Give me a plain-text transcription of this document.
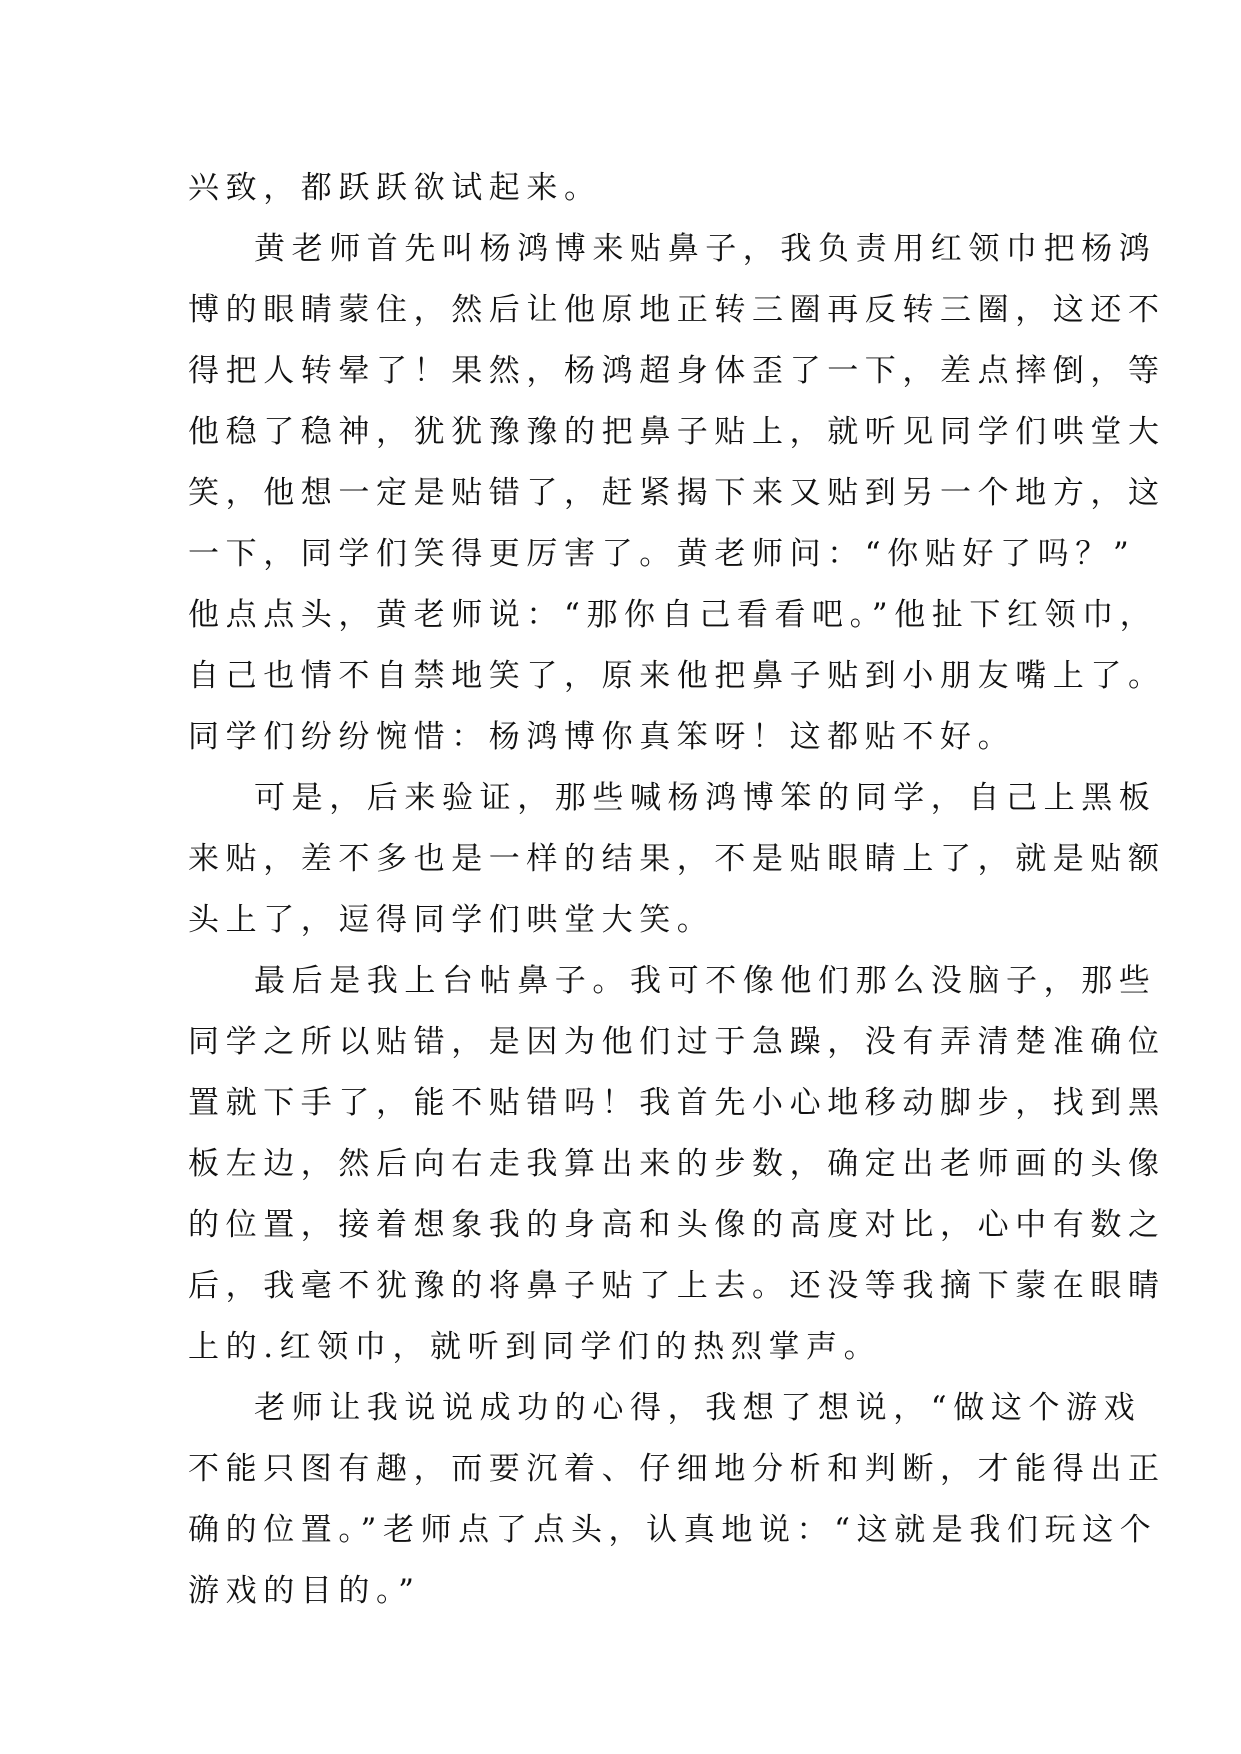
兴致，都跃跃欲试起来。
黄老师首先叫杨鸿博来贴鼻子，我负责用红领巾把杨鸿
博的眼睛蒙住，然后让他原地正转三圈再反转三圈，这还不
得把人转晕了！果然，杨鸿超身体歪了一下，差点摔倒，等
他稳了稳神，犹犹豫豫的把鼻子贴上，就听见同学们哄堂大
笑，他想一定是贴错了，赶紧揭下来又贴到另一个地方，这
一下，同学们笑得更厉害了。黄老师问：“你贴好了吗？”
他点点头，黄老师说：“那你自己看看吧。”他扯下红领巾，
自己也情不自禁地笑了，原来他把鼻子贴到小朋友嘴上了。
同学们纷纷惋惜：杨鸿博你真笨呀！这都贴不好。
可是，后来验证，那些喊杨鸿博笨的同学，自己上黑板
来贴，差不多也是一样的结果，不是贴眼睛上了，就是贴额
头上了，逗得同学们哄堂大笑。
最后是我上台帖鼻子。我可不像他们那么没脑子，那些
同学之所以贴错，是因为他们过于急躁，没有弄清楚准确位
置就下手了，能不贴错吗！我首先小心地移动脚步，找到黑
板左边，然后向右走我算出来的步数，确定出老师画的头像
的位置，接着想象我的身高和头像的高度对比，心中有数之
后，我毫不犹豫的将鼻子贴了上去。还没等我摘下蒙在眼睛
上的.红领巾，就听到同学们的热烈掌声。
老师让我说说成功的心得，我想了想说，“做这个游戏
不能只图有趣，而要沉着、仔细地分析和判断，才能得出正
确的位置。”老师点了点头，认真地说：“这就是我们玩这个
游戏的目的。”
